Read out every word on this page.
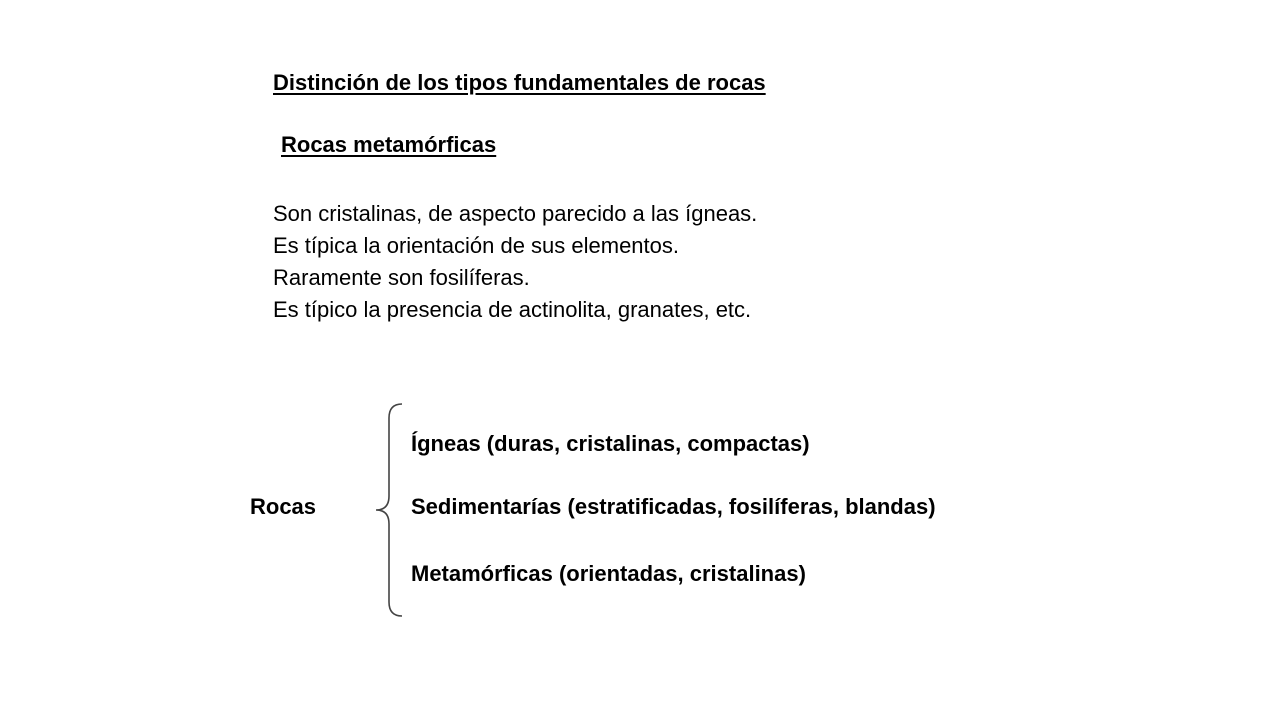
Distinción de los tipos fundamentales de rocas
Rocas metamórficas
Son cristalinas, de aspecto parecido a las ígneas.
Es típica la orientación de sus elementos.
Raramente son fosilíferas.
Es típico la presencia de actinolita, granates, etc.
Rocas
Ígneas (duras, cristalinas, compactas)
Sedimentarías (estratificadas, fosilíferas, blandas)
Metamórficas (orientadas, cristalinas)
